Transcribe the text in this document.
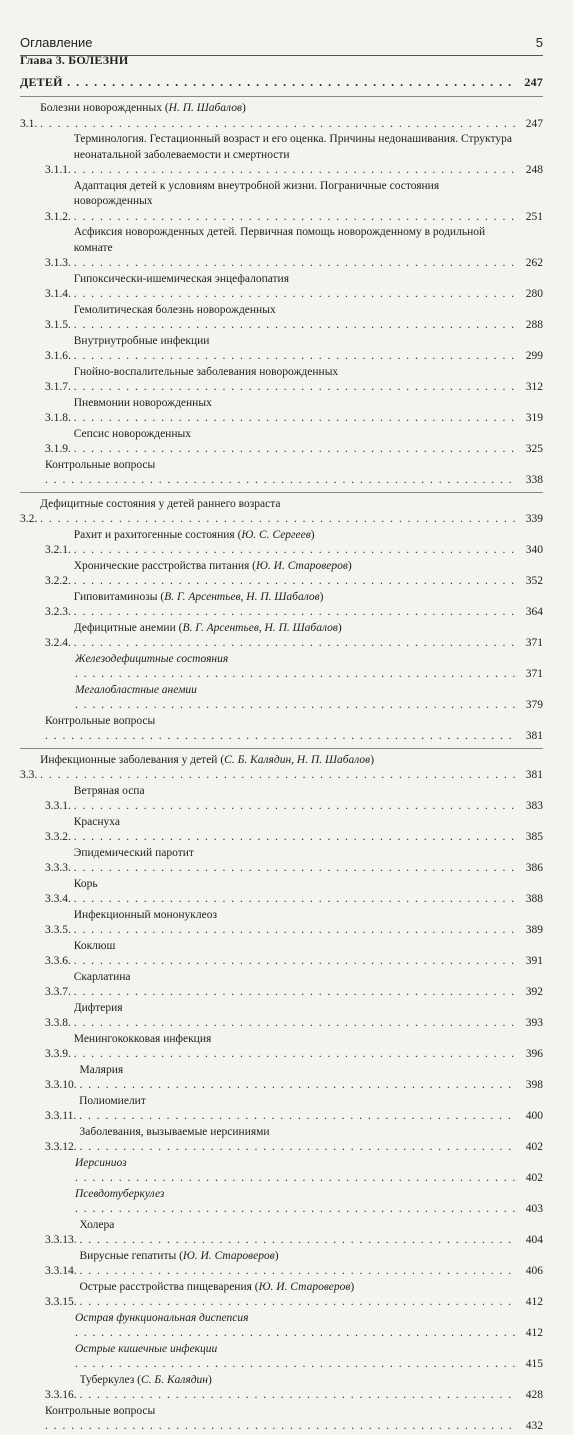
Оглавление	5
Глава 3. БОЛЕЗНИ ДЕТЕЙ . . .	247
3.1.
Болезни новорожденных (Н. П. Шабалов) . . .
247
3.1.1.
Терминология. Гестационный возраст и его оценка. Причины недонашивания. Структура неонатальной заболеваемости и смертности . . .
248
3.1.2.
Адаптация детей к условиям внеутробной жизни. Пограничные состояния новорожденных . . .
251
3.1.3.
Асфиксия новорожденных детей. Первичная помощь новорожденному в родильной комнате . . .
262
3.1.4.
Гипоксически-ишемическая энцефалопатия . . .
280
3.1.5.
Гемолитическая болезнь новорожденных . . .
288
3.1.6.
Внутриутробные инфекции . . .
299
3.1.7.
Гнойно-воспалительные заболевания новорожденных . . .
312
3.1.8.
Пневмонии новорожденных . . .
319
3.1.9.
Сепсис новорожденных . . .
325
Контрольные вопросы . . .
338
3.2.
Дефицитные состояния у детей раннего возраста . . .
339
3.2.1.
Рахит и рахитогенные состояния (Ю. С. Сергеев) . . .
340
3.2.2.
Хронические расстройства питания (Ю. И. Староверов) . . .
352
3.2.3.
Гиповитаминозы (В. Г. Арсентьев, Н. П. Шабалов) . . .
364
3.2.4.
Дефицитные анемии (В. Г. Арсентьев, Н. П. Шабалов) . . .
371
Железодефицитные состояния . . .
371
Мегалобластные анемии . . .
379
Контрольные вопросы . . .
381
3.3.
Инфекционные заболевания у детей (С. Б. Калядин, Н. П. Шабалов) . . .
381
3.3.1.
Ветряная оспа . . .
383
3.3.2.
Краснуха . . .
385
3.3.3.
Эпидемический паротит . . .
386
3.3.4.
Корь . . .
388
3.3.5.
Инфекционный мононуклеоз . . .
389
3.3.6.
Коклюш . . .
391
3.3.7.
Скарлатина . . .
392
3.3.8.
Дифтерия . . .
393
3.3.9.
Менингококковая инфекция . . .
396
3.3.10.
Малярия . . .
398
3.3.11.
Полиомиелит . . .
400
3.3.12.
Заболевания, вызываемые иерсиниями . . .
402
Иерсиниоз . . .
402
Псевдотуберкулез . . .
403
3.3.13.
Холера . . .
404
3.3.14.
Вирусные гепатиты (Ю. И. Староверов) . . .
406
3.3.15.
Острые расстройства пищеварения (Ю. И. Староверов) . . .
412
Острая функциональная диспепсия . . .
412
Острые кишечные инфекции . . .
415
3.3.16.
Туберкулез (С. Б. Калядин) . . .
428
Контрольные вопросы . . .
432
